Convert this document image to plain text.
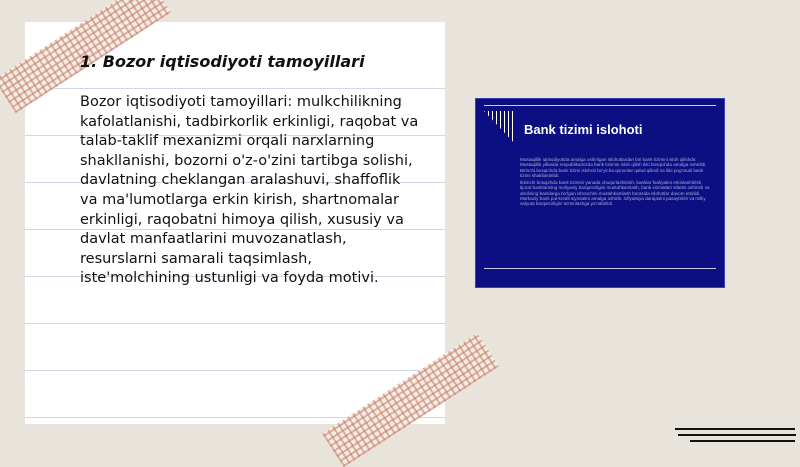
1. Bozor iqtisodiyoti tamoyillari

Bozor iqtisodiyoti tamoyillari: mulkchilikning kafolatlanishi, tadbirkorlik erkinligi, raqobat va talab-taklif mexanizmi orqali narxlarning shakllanishi, bozorni o'z-o'zini tartibga solishi, davlatning cheklangan aralashuvi, shaffoflik va ma'lumotlarga erkin kirish, shartnomalar erkinligi, raqobatni himoya qilish, xususiy va davlat manfaatlarini muvozanatlash, resurslarni samarali taqsimlash, iste'molchining ustunligi va foyda motivi.

Bank tizimi islohoti
Mustaqillik iqtisodiyotida amalga oshirilgan islohotlardan biri bank tizimini isloh qilishdir. Mustaqillik yillarida respublikamizda bank tizimini isloh qilish ikki bosqichda amalga oshirildi. Birinchi bosqichda bank tizimi islohoti bo'yicha qonunlar qabul qilindi va ikki pog'onali bank tizimi shakllantirildi.
Ikkinchi bosqichda bank tizimini yanada chuqurlashtirish, banklar faoliyatini erkinlashtirish, tijorat banklarining moliyaviy barqarorligini mustahkamlash, bank xizmatlari sifatini oshirish va aholining banklarga bo'lgan ishonchini mustahkamlash borasida islohotlar davom ettirildi. Markaziy bank pul-kredit siyosatini amalga oshirib, inflyatsiya darajasini pasaytirish va milliy valyuta barqarorligini ta'minlashga yo'naltirildi.
